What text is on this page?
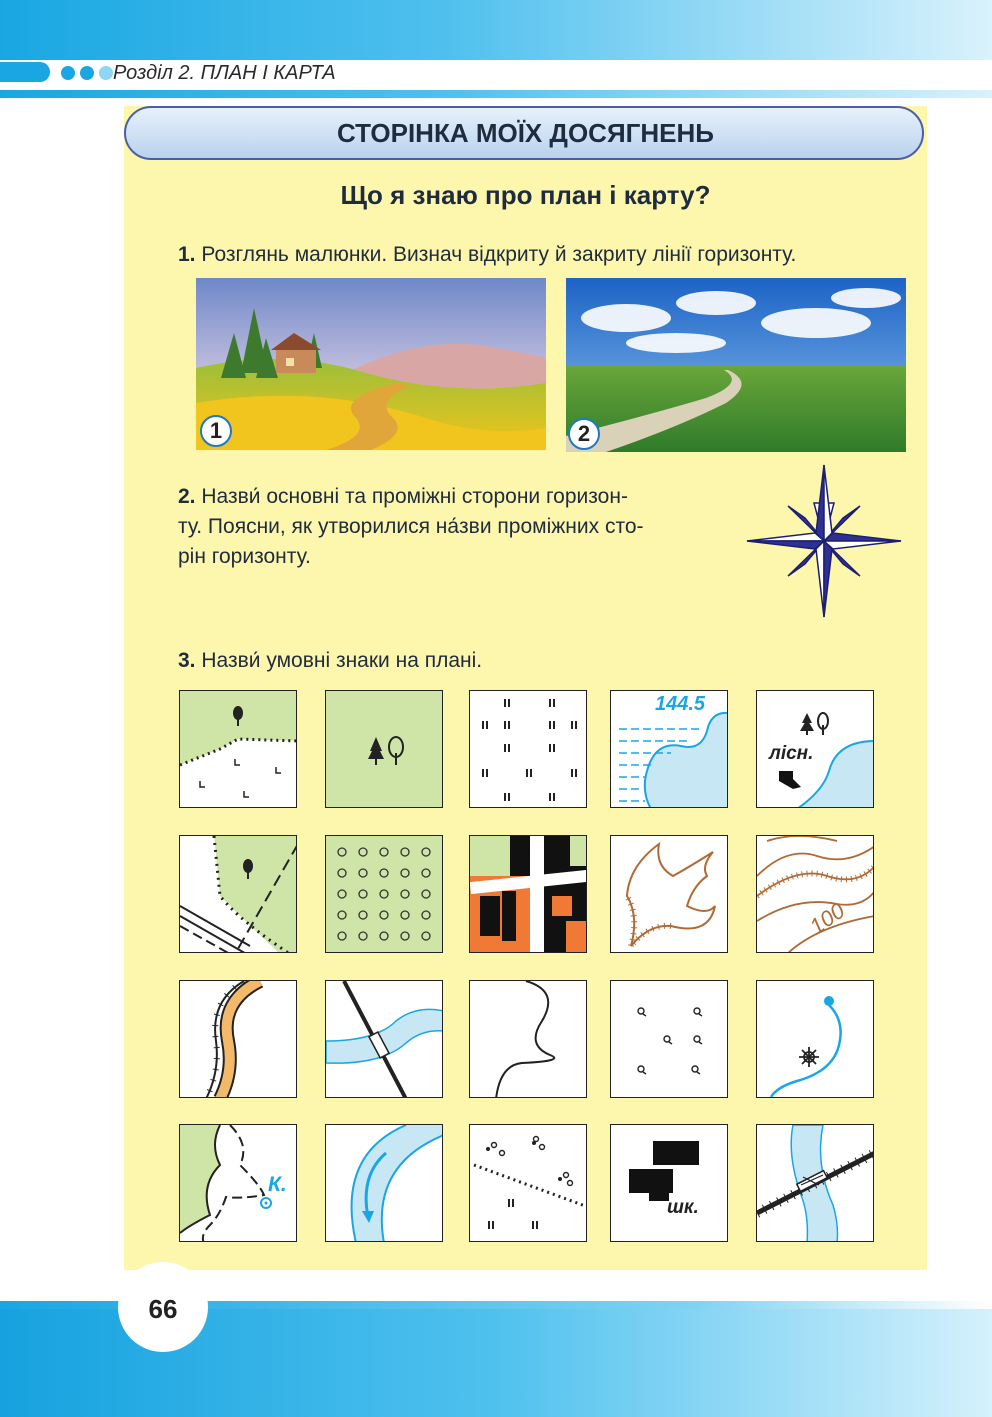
Розділ 2. ПЛАН І КАРТА
СТОРІНКА МОЇХ ДОСЯГНЕНЬ
Що я знаю про план і карту?
1. Розглянь малюнки. Визнач відкриту й закриту лінії горизонту.
1	2
2. Назви́ основні та проміжні сторони горизон-
ту. Поясни, як утворилися на́зви проміжних сто-
рін горизонту.
3. Назви́ умовні знаки на плані.
144.5
лісн.
100
К.
шк.
66
